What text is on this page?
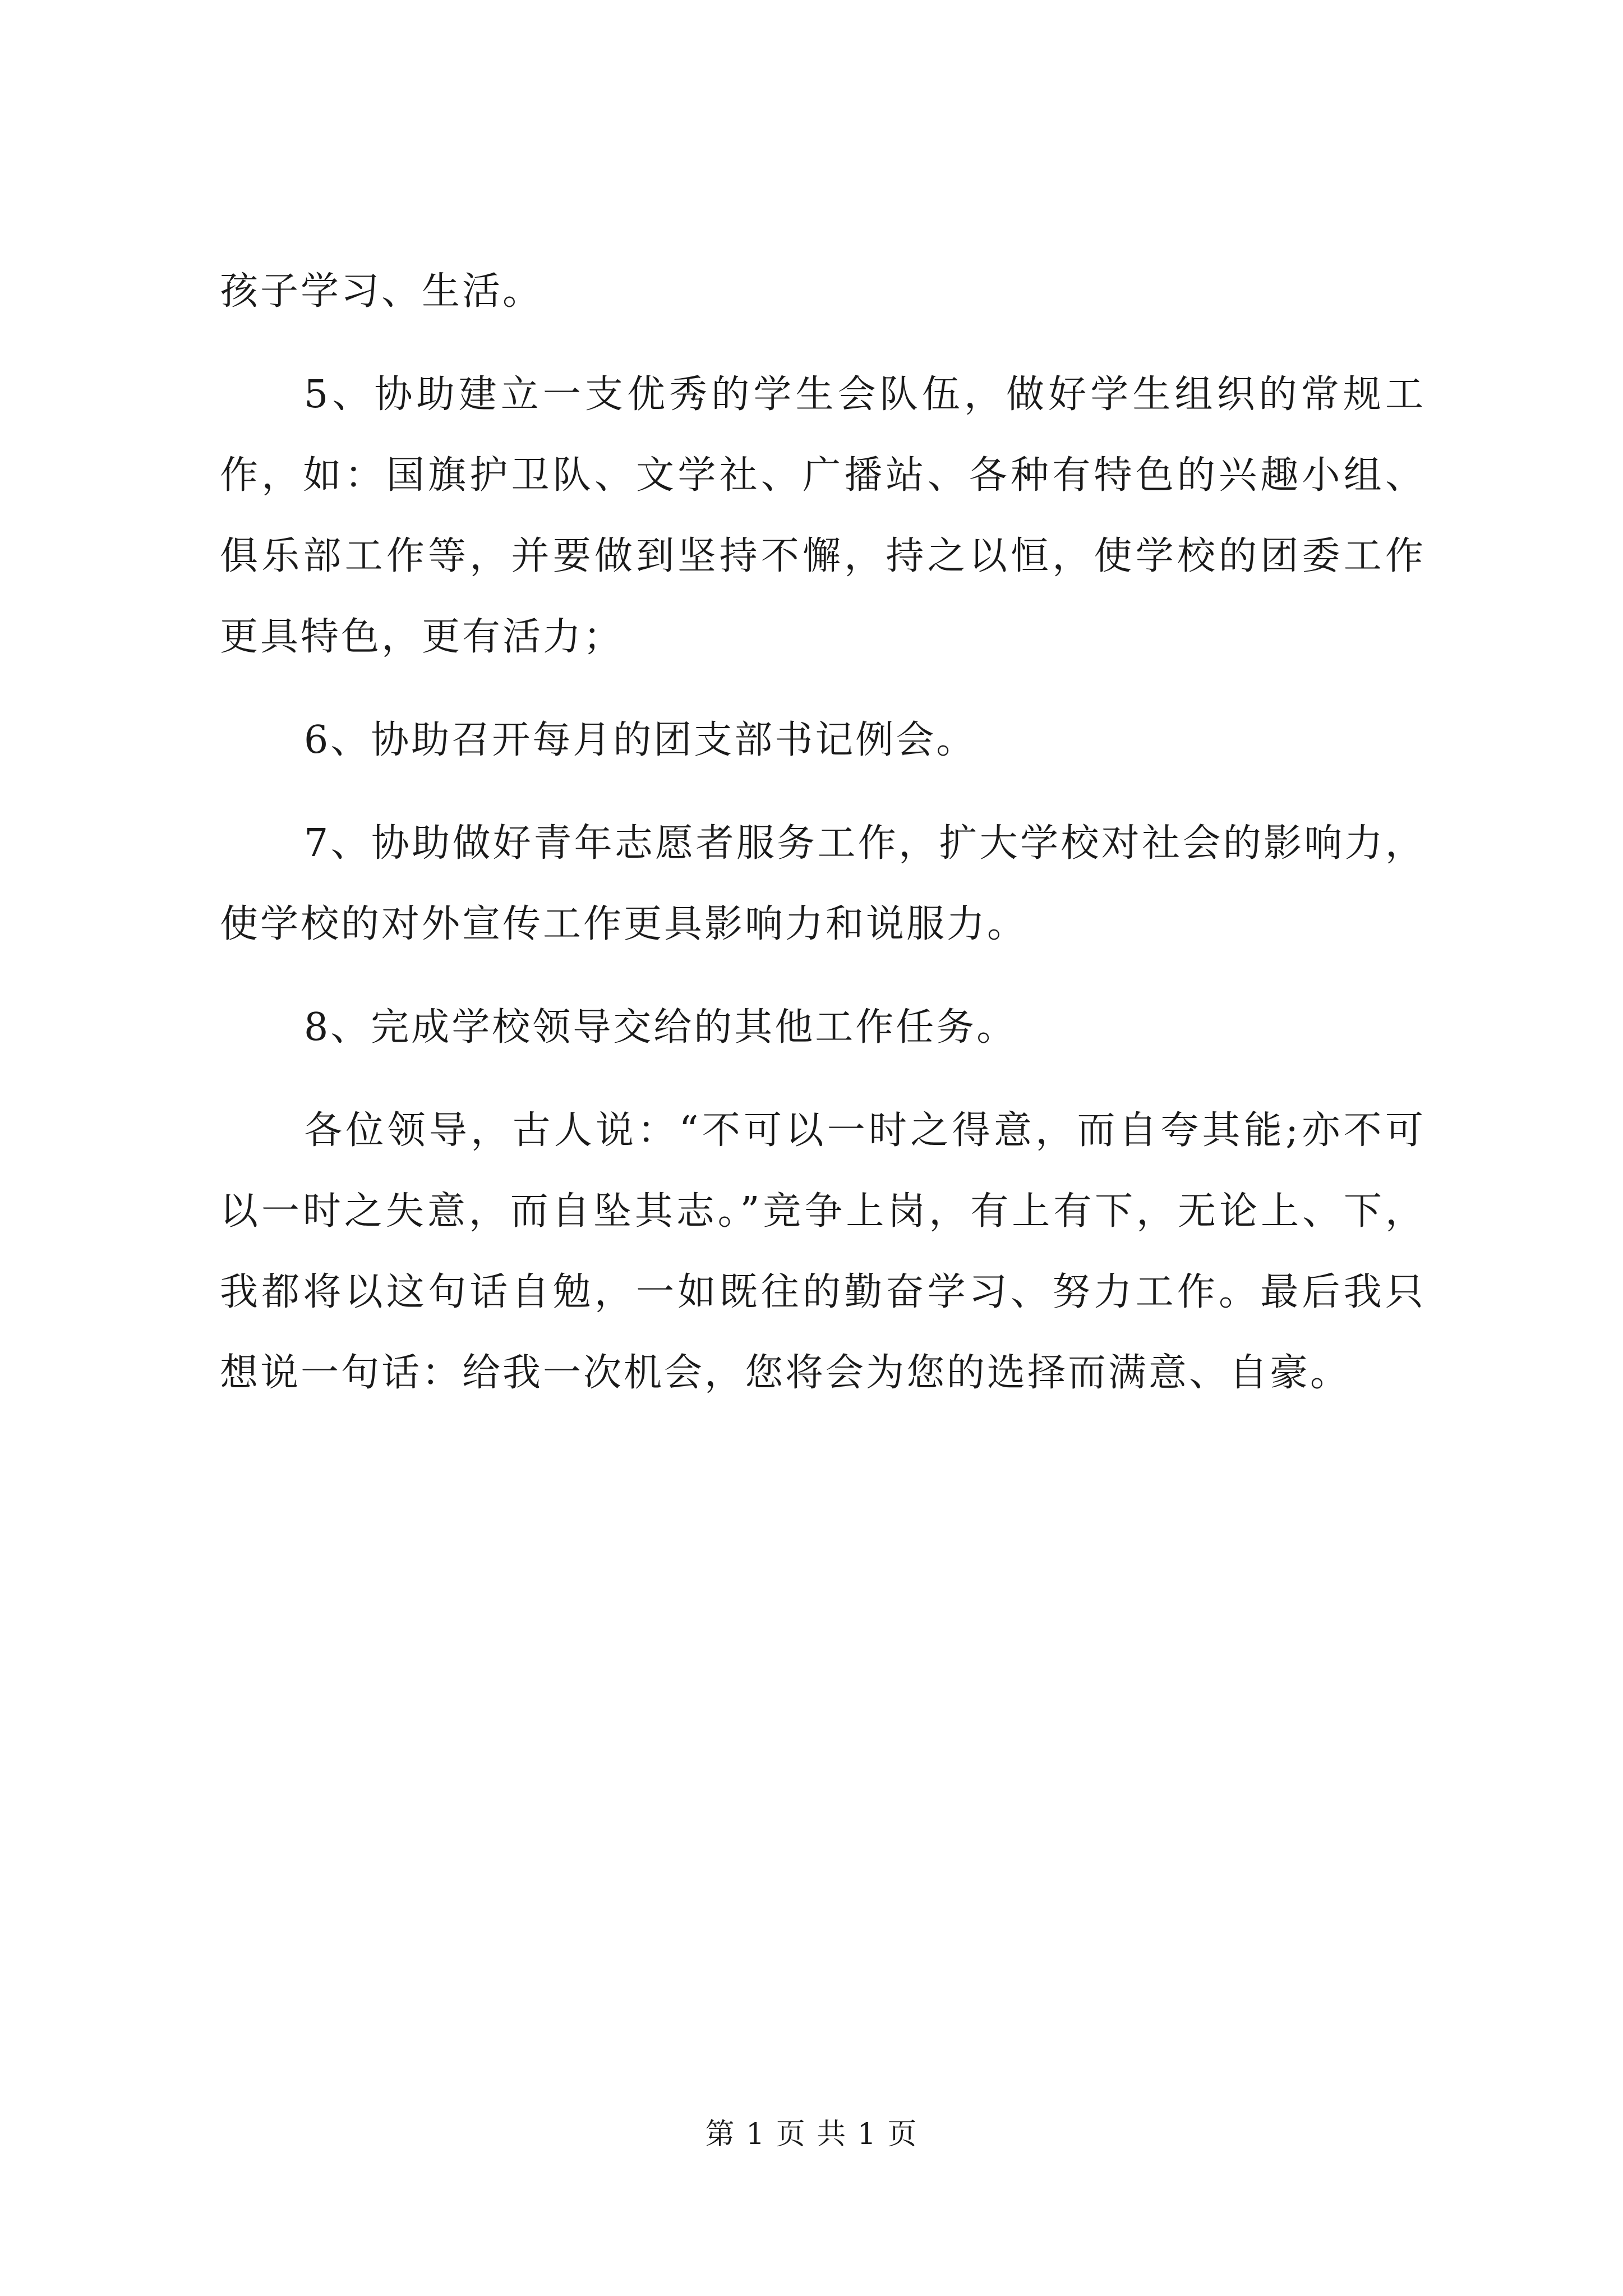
孩子学习、生活。

5、协助建立一支优秀的学生会队伍，做好学生组织的常规工作，如：国旗护卫队、文学社、广播站、各种有特色的兴趣小组、俱乐部工作等，并要做到坚持不懈，持之以恒，使学校的团委工作更具特色，更有活力；

6、协助召开每月的团支部书记例会。

7、协助做好青年志愿者服务工作，扩大学校对社会的影响力，使学校的对外宣传工作更具影响力和说服力。

8、完成学校领导交给的其他工作任务。

各位领导，古人说：“不可以一时之得意，而自夸其能;亦不可以一时之失意，而自坠其志。”竞争上岗，有上有下，无论上、下，我都将以这句话自勉，一如既往的勤奋学习、努力工作。最后我只想说一句话：给我一次机会，您将会为您的选择而满意、自豪。

第 1 页 共 1 页
